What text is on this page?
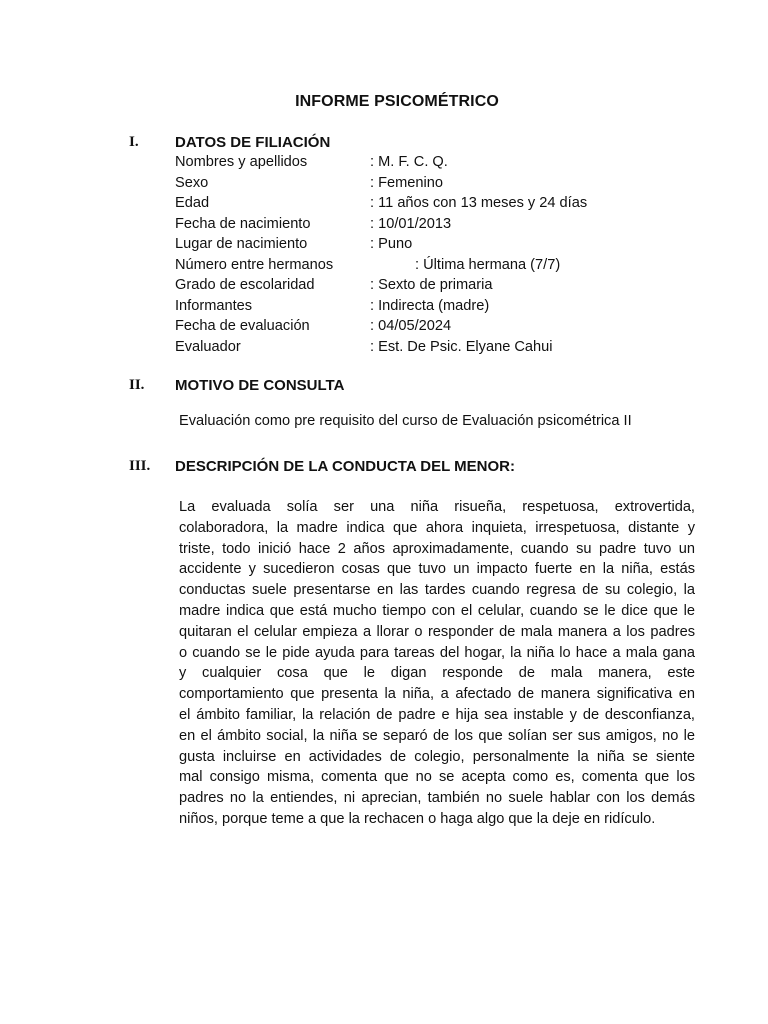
INFORME PSICOMÉTRICO
I. DATOS DE FILIACIÓN
Nombres y apellidos	: M. F. C. Q.
Sexo	: Femenino
Edad	: 11 años con 13 meses y 24 días
Fecha de nacimiento	: 10/01/2013
Lugar de nacimiento	: Puno
Número entre hermanos	: Última hermana (7/7)
Grado de escolaridad	: Sexto de primaria
Informantes	: Indirecta (madre)
Fecha de evaluación	: 04/05/2024
Evaluador	: Est. De Psic. Elyane Cahui
II. MOTIVO DE CONSULTA
Evaluación como pre requisito del curso de Evaluación psicométrica II
III. DESCRIPCIÓN DE LA CONDUCTA DEL MENOR:
La evaluada solía ser una niña risueña, respetuosa, extrovertida,
colaboradora, la madre indica que ahora inquieta, irrespetuosa, distante y
triste, todo inició hace 2 años aproximadamente, cuando su padre tuvo un
accidente y sucedieron cosas que tuvo un impacto fuerte en la niña, estás
conductas suele presentarse en las tardes cuando regresa de su colegio, la
madre indica que está mucho tiempo con el celular, cuando se le dice que le
quitaran el celular empieza a llorar o responder de mala manera a los padres
o cuando se le pide ayuda para tareas del hogar, la niña lo hace a mala gana
y cualquier cosa que le digan responde de mala manera, este
comportamiento que presenta la niña, a afectado de manera significativa en
el ámbito familiar, la relación de padre e hija sea instable y de desconfianza,
en el ámbito social, la niña se separó de los que solían ser sus amigos, no le
gusta incluirse en actividades de colegio, personalmente la niña se siente
mal consigo misma, comenta que no se acepta como es, comenta que los
padres no la entiendes, ni aprecian, también no suele hablar con los demás
niños, porque teme a que la rechacen o haga algo que la deje en ridículo.
